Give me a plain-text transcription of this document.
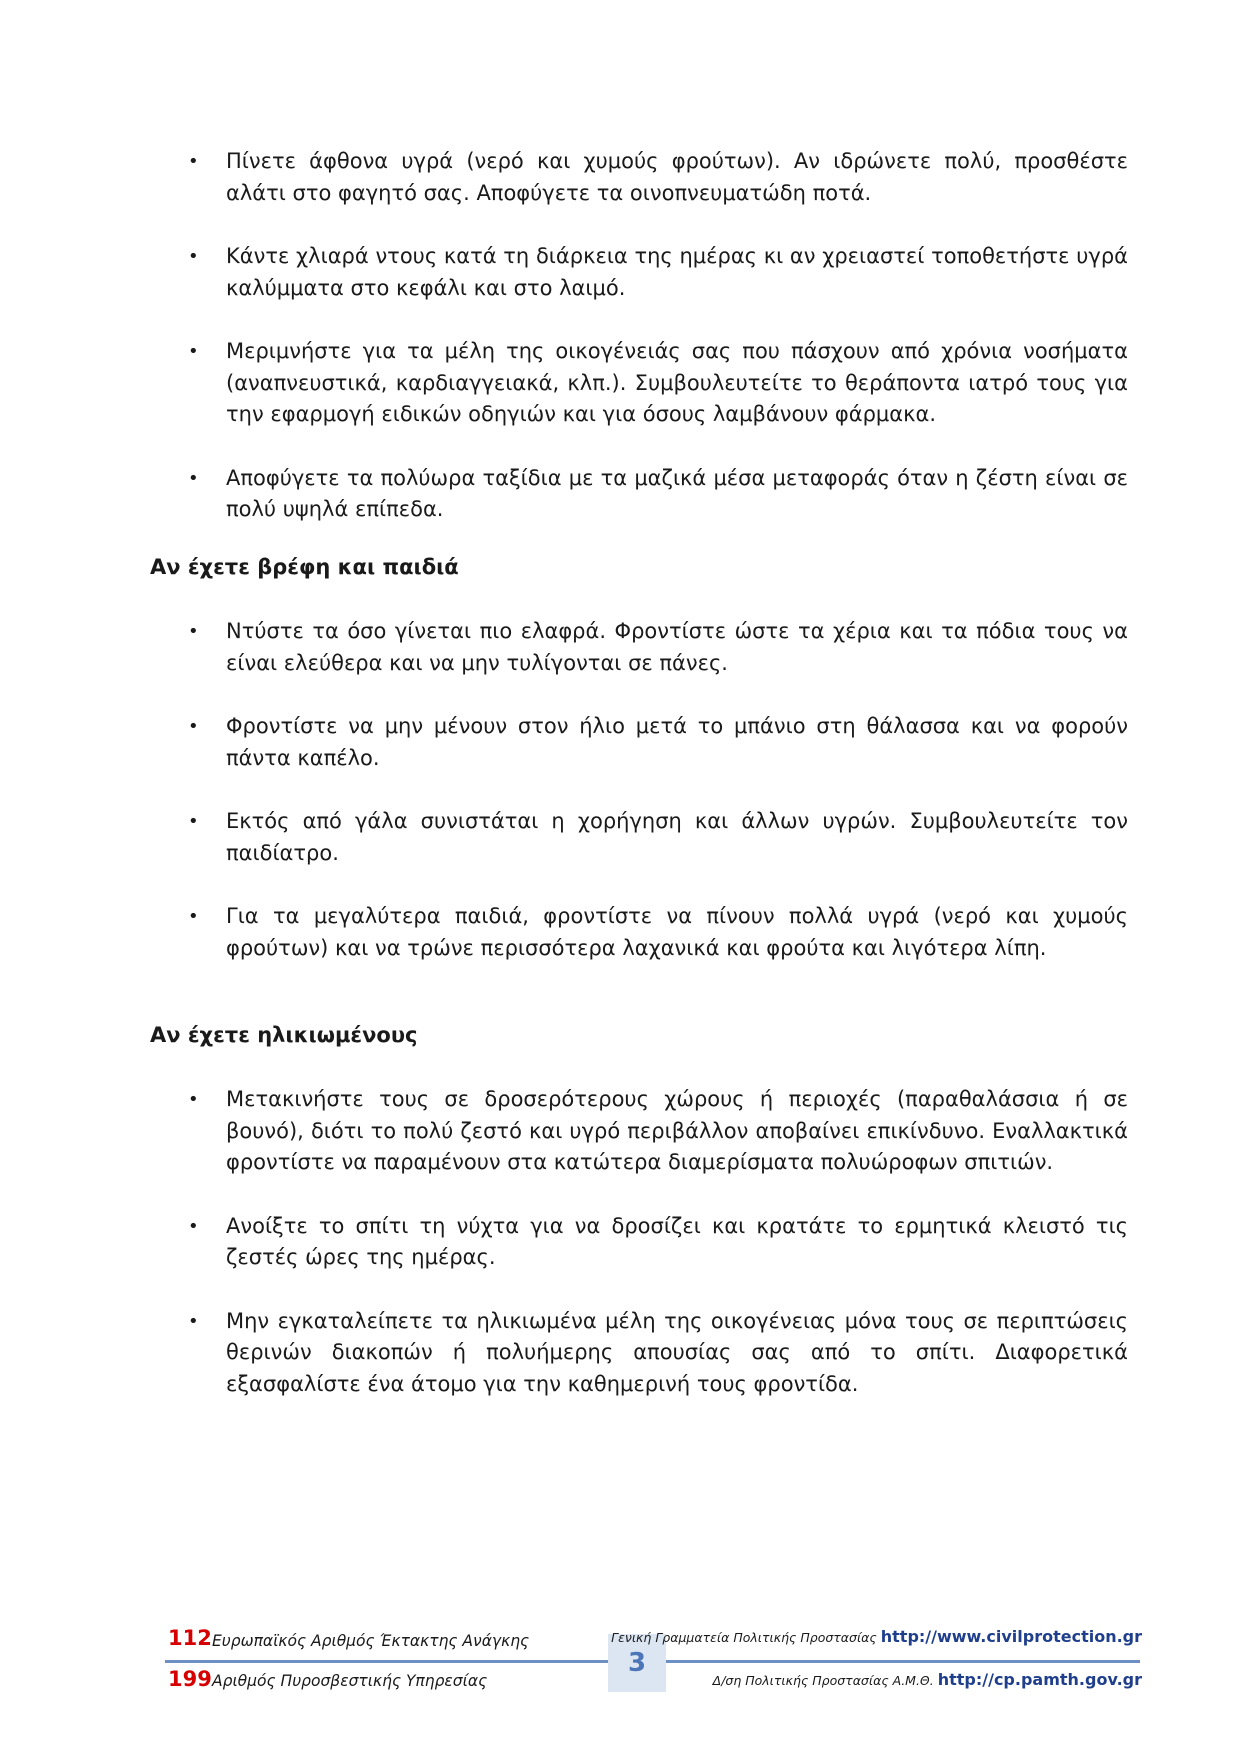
• Πίνετε άφθονα υγρά (νερό και χυμούς φρούτων). Αν ιδρώνετε πολύ, προσθέστε αλάτι στο φαγητό σας. Αποφύγετε τα οινοπνευματώδη ποτά.
• Κάντε χλιαρά ντους κατά τη διάρκεια της ημέρας κι αν χρειαστεί τοποθετήστε υγρά καλύμματα στο κεφάλι και στο λαιμό.
• Μεριμνήστε για τα μέλη της οικογένειάς σας που πάσχουν από χρόνια νοσήματα (αναπνευστικά, καρδιαγγειακά, κλπ.). Συμβουλευτείτε το θεράποντα ιατρό τους για την εφαρμογή ειδικών οδηγιών και για όσους λαμβάνουν φάρμακα.
• Αποφύγετε τα πολύωρα ταξίδια με τα μαζικά μέσα μεταφοράς όταν η ζέστη είναι σε πολύ υψηλά επίπεδα.
Αν έχετε βρέφη και παιδιά
• Ντύστε τα όσο γίνεται πιο ελαφρά. Φροντίστε ώστε τα χέρια και τα πόδια τους να είναι ελεύθερα και να μην τυλίγονται σε πάνες.
• Φροντίστε να μην μένουν στον ήλιο μετά το μπάνιο στη θάλασσα και να φορούν πάντα καπέλο.
• Εκτός από γάλα συνιστάται η χορήγηση και άλλων υγρών. Συμβουλευτείτε τον παιδίατρο.
• Για τα μεγαλύτερα παιδιά, φροντίστε να πίνουν πολλά υγρά (νερό και χυμούς φρούτων) και να τρώνε περισσότερα λαχανικά και φρούτα και λιγότερα λίπη.
Αν έχετε ηλικιωμένους
• Μετακινήστε τους σε δροσερότερους χώρους ή περιοχές (παραθαλάσσια ή σε βουνό), διότι το πολύ ζεστό και υγρό περιβάλλον αποβαίνει επικίνδυνο. Εναλλακτικά φροντίστε να παραμένουν στα κατώτερα διαμερίσματα πολυώροφων σπιτιών.
• Ανοίξτε το σπίτι τη νύχτα για να δροσίζει και κρατάτε το ερμητικά κλειστό τις ζεστές ώρες της ημέρας.
• Μην εγκαταλείπετε τα ηλικιωμένα μέλη της οικογένειας μόνα τους σε περιπτώσεις θερινών διακοπών ή πολυήμερης απουσίας σας από το σπίτι. Διαφορετικά εξασφαλίστε ένα άτομο για την καθημερινή τους φροντίδα.
112 Ευρωπαϊκός Αριθμός Έκτακτης Ανάγκης
199 Αριθμός Πυροσβεστικής Υπηρεσίας
3
Γενική Γραμματεία Πολιτικής Προστασίας http://www.civilprotection.gr
Δ/ση Πολιτικής Προστασίας Α.Μ.Θ. http://cp.pamth.gov.gr
